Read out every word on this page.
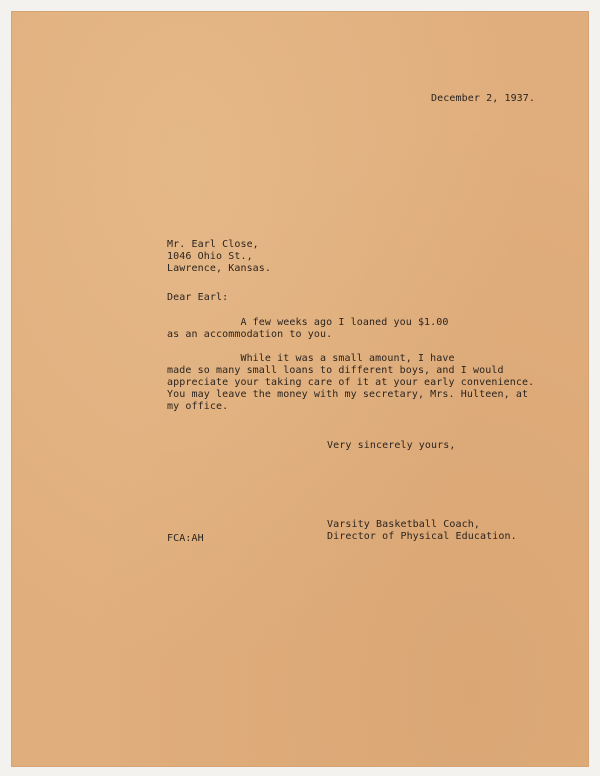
December 2, 1937.

Mr. Earl Close,
1046 Ohio St.,
Lawrence, Kansas.

Dear Earl:

A few weeks ago I loaned you $1.00
as an accommodation to you.
While it was a small amount, I have
made so many small loans to different boys, and I would
appreciate your taking care of it at your early convenience.
You may leave the money with my secretary, Mrs. Hulteen, at
my office.

Very sincerely yours,

Varsity Basketball Coach,
Director of Physical Education.

FCA:AH
